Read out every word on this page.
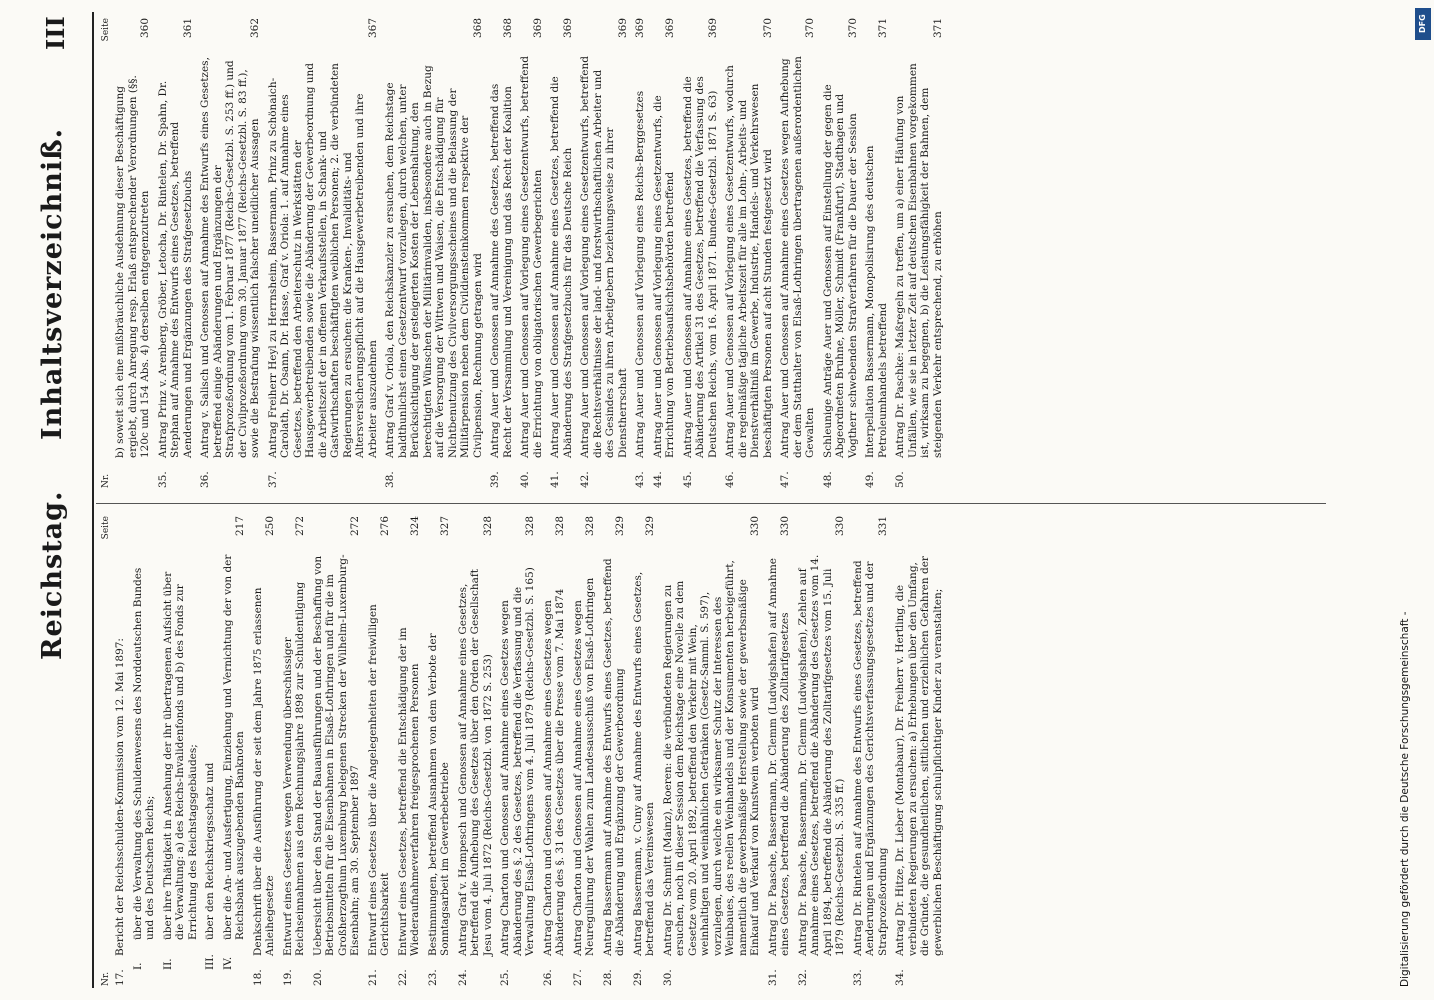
Reichstag.
Inhaltsverzeichniß.
III
Nr.
Seite
17.
Bericht der Reichsschulden-Kommission vom 12. Mai 1897:
I.
über die Verwaltung des Schuldenwesens des Norddeutschen Bundes und des Deutschen Reichs;
II.
über ihre Thätigkeit in Ansehung der ihr übertragenen Aufsicht über die Verwaltung: a) des Reichs-Invalidenfonds und b) des Fonds zur Errichtung des Reichstagsgebäudes;
III.
über den Reichskriegsschatz und
IV.
über die An- und Ausfertigung, Einziehung und Vernichtung der von der Reichsbank auszugebenden Banknoten
217
18.
Denkschrift über die Ausführung der seit dem Jahre 1875 erlassenen Anleihegesetze
250
19.
Entwurf eines Gesetzes wegen Verwendung überschüssiger Reichseinnahmen aus dem Rechnungsjahre 1898 zur Schuldentilgung
272
20.
Uebersicht über den Stand der Bauausführungen und der Beschaffung von Betriebsmitteln für die Eisenbahnen in Elsaß-Lothringen und für die im Großherzogthum Luxemburg belegenen Strecken der Wilhelm-Luxemburg-Eisenbahn; am 30. September 1897
272
21.
Entwurf eines Gesetzes über die Angelegenheiten der freiwilligen Gerichtsbarkeit
276
22.
Entwurf eines Gesetzes, betreffend die Entschädigung der im Wiederaufnahmeverfahren freigesprochenen Personen
324
23.
Bestimmungen, betreffend Ausnahmen von dem Verbote der Sonntagsarbeit im Gewerbebetriebe
327
24.
Antrag Graf v. Hompesch und Genossen auf Annahme eines Gesetzes, betreffend die Aufhebung des Gesetzes über den Orden der Gesellschaft Jesu vom 4. Juli 1872 (Reichs-Gesetzbl. von 1872 S. 253)
328
25.
Antrag Charton und Genossen auf Annahme eines Gesetzes wegen Abänderung des §. 2 des Gesetzes, betreffend die Verfassung und die Verwaltung Elsaß-Lothringens vom 4. Juli 1879 (Reichs-Gesetzbl. S. 165)
328
26.
Antrag Charton und Genossen auf Annahme eines Gesetzes wegen Abänderung des §. 31 des Gesetzes über die Presse vom 7. Mai 1874
328
27.
Antrag Charton und Genossen auf Annahme eines Gesetzes wegen Neuregulirung der Wahlen zum Landesausschuß von Elsaß-Lothringen
328
28.
Antrag Bassermann auf Annahme des Entwurfs eines Gesetzes, betreffend die Abänderung und Ergänzung der Gewerbeordnung
329
29.
Antrag Bassermann, v. Cuny auf Annahme des Entwurfs eines Gesetzes, betreffend das Vereinswesen
329
30.
Antrag Dr. Schmitt (Mainz), Roeren: die verbündeten Regierungen zu ersuchen, noch in dieser Session dem Reichstage eine Novelle zu dem Gesetze vom 20. April 1892, betreffend den Verkehr mit Wein, weinhaltigen und weinähnlichen Getränken (Gesetz-Samml. S. 597), vorzulegen, durch welche ein wirksamer Schutz der Interessen des Weinbaues, des reellen Weinhandels und der Konsumenten herbeigeführt, namentlich die gewerbsmäßige Herstellung sowie der gewerbsmäßige Einkauf und Verkauf von Kunstwein verboten wird
330
31.
Antrag Dr. Paasche, Bassermann, Dr. Clemm (Ludwigshafen) auf Annahme eines Gesetzes, betreffend die Abänderung des Zolltarifgesetzes
330
32.
Antrag Dr. Paasche, Bassermann, Dr. Clemm (Ludwigshafen), Zehlen auf Annahme eines Gesetzes, betreffend die Abänderung des Gesetzes vom 14. April 1894, betreffend die Abänderung des Zolltarifgesetzes vom 15. Juli 1879 (Reichs-Gesetzbl. S. 335 ff.)
330
33.
Antrag Dr. Rintelen auf Annahme des Entwurfs eines Gesetzes, betreffend Aenderungen und Ergänzungen des Gerichtsverfassungsgesetzes und der Strafprozeßordnung
331
34.
Antrag Dr. Hitze, Dr. Lieber (Montabaur), Dr. Freiherr v. Hertling, die verbündeten Regierungen zu ersuchen: a) Erhebungen über den Umfang, die Gründe, die gesundheitlichen, sittlichen und erziehlichen Gefahren der gewerblichen Beschäftigung schulpflichtiger Kinder zu veranstalten;
Nr.
Seite
b) soweit sich eine mißbräuchliche Ausdehnung dieser Beschäftigung ergiebt, durch Anregung resp. Erlaß entsprechender Verordnungen (§§. 120c und 154 Abs. 4) derselben entgegenzutreten
360
35.
Antrag Prinz v. Arenberg, Gröber, Letocha, Dr. Rintelen, Dr. Spahn, Dr. Stephan auf Annahme des Entwurfs eines Gesetzes, betreffend Aenderungen und Ergänzungen des Strafgesetzbuchs
361
36.
Antrag v. Salisch und Genossen auf Annahme des Entwurfs eines Gesetzes, betreffend einige Abänderungen und Ergänzungen der Strafprozeßordnung vom 1. Februar 1877 (Reichs-Gesetzbl. S. 253 ff.) und der Civilprozeßordnung vom 30. Januar 1877 (Reichs-Gesetzbl. S. 83 ff.), sowie die Bestrafung wissentlich falscher uneidlicher Aussagen
362
37.
Antrag Freiherr Heyl zu Herrnsheim, Bassermann, Prinz zu Schönaich-Carolath, Dr. Osann, Dr. Hasse, Graf v. Oriola: 1. auf Annahme eines Gesetzes, betreffend den Arbeiterschutz in Werkstätten der Hausgewerbetreibenden sowie die Abänderung der Gewerbeordnung und die Arbeitszeit der in offenen Verkaufsstellen, in Schank- und Gastwirthschaften beschäftigten weiblichen Personen; 2. die verbündeten Regierungen zu ersuchen: die Kranken-, Invaliditäts- und Altersversicherungspflicht auf die Hausgewerbetreibenden und ihre Arbeiter auszudehnen
367
38.
Antrag Graf v. Oriola, den Reichskanzler zu ersuchen, dem Reichstage baldthunlichst einen Gesetzentwurf vorzulegen, durch welchen, unter Berücksichtigung der gesteigerten Kosten der Lebenshaltung, den berechtigten Wünschen der Militärinvaliden, insbesondere auch in Bezug auf die Versorgung der Wittwen und Waisen, die Entschädigung für Nichtbenutzung des Civilversorgungsscheines und die Belassung der Militärpension neben dem Civildiensteinkommen respektive der Civilpension, Rechnung getragen wird
368
39.
Antrag Auer und Genossen auf Annahme des Gesetzes, betreffend das Recht der Versammlung und Vereinigung und das Recht der Koalition
368
40.
Antrag Auer und Genossen auf Vorlegung eines Gesetzentwurfs, betreffend die Errichtung von obligatorischen Gewerbegerichten
369
41.
Antrag Auer und Genossen auf Annahme eines Gesetzes, betreffend die Abänderung des Strafgesetzbuchs für das Deutsche Reich
369
42.
Antrag Auer und Genossen auf Vorlegung eines Gesetzentwurfs, betreffend die Rechtsverhältnisse der land- und forstwirthschaftlichen Arbeiter und des Gesindes zu ihren Arbeitgebern beziehungsweise zu ihrer Dienstherrschaft
369
43.
Antrag Auer und Genossen auf Vorlegung eines Reichs-Berggesetzes
369
44.
Antrag Auer und Genossen auf Vorlegung eines Gesetzentwurfs, die Errichtung von Betriebsaufsichtsbehörden betreffend
369
45.
Antrag Auer und Genossen auf Annahme eines Gesetzes, betreffend die Abänderung des Artikel 31 des Gesetzes, betreffend die Verfassung des Deutschen Reichs, vom 16. April 1871. Bundes-Gesetzbl. 1871 S. 63)
369
46.
Antrag Auer und Genossen auf Vorlegung eines Gesetzentwurfs, wodurch die regelmäßige tägliche Arbeitszeit für alle im Lohn-, Arbeits- und Dienstverhältniß im Gewerbe, Industrie, Handels- und Verkehrswesen beschäftigten Personen auf acht Stunden festgesetzt wird
370
47.
Antrag Auer und Genossen auf Annahme eines Gesetzes wegen Aufhebung der dem Statthalter von Elsaß-Lothringen übertragenen außerordentlichen Gewalten
370
48.
Schleunige Anträge Auer und Genossen auf Einstellung der gegen die Abgeordneten Bruhne, Möller, Schmidt (Frankfurt), Stadthagen und Vogtherr schwebenden Strafverfahren für die Dauer der Session
370
49.
Interpellation Bassermann, Monopolisirung des deutschen Petroleumhandels betreffend
371
50.
Antrag Dr. Paschke: Maßregeln zu treffen, um a) einer Häufung von Unfällen, wie sie in letzter Zeit auf deutschen Eisenbahnen vorgekommen ist, wirksam zu begegnen, b) die Leistungsfähigkeit der Bahnen, dem steigenden Verkehr entsprechend, zu erhöhen
371
Digitalisierung gefördert durch die Deutsche Forschungsgemeinschaft -
DFG
